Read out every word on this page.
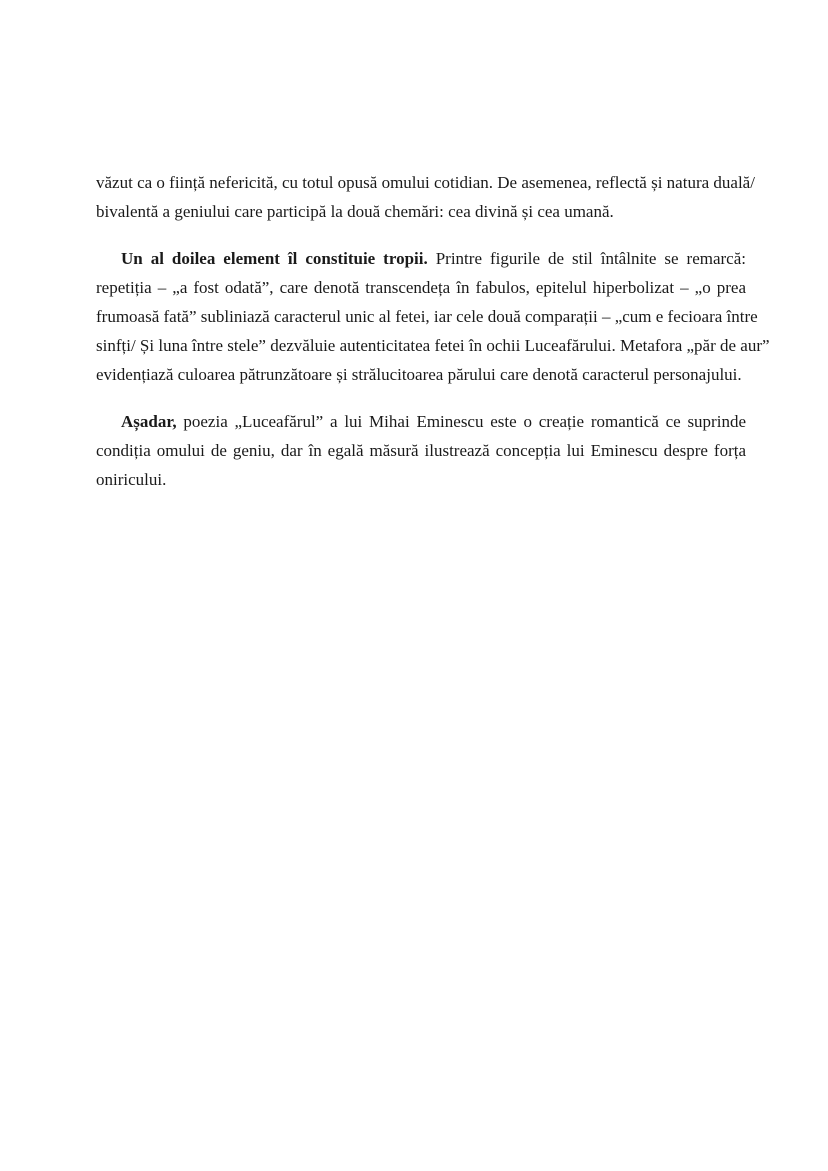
văzut ca o ființă nefericită, cu totul opusă omului cotidian. De asemenea, reflectă și natura duală/
bivalentă a geniului care participă la două chemări: cea divină și cea umană.
Un al doilea element îl constituie tropii. Printre figurile de stil întâlnite se remarcă:
repetiția – „a fost odată”, care denotă transcendeța în fabulos, epitelul hiperbolizat – „o prea
frumoasă fată” subliniază caracterul unic al fetei, iar cele două comparații – „cum e fecioara între
sinfți/ Și luna între stele” dezvăluie autenticitatea fetei în ochii Luceafărului. Metafora „păr de aur”
evidențiază culoarea pătrunzătoare și strălucitoarea părului care denotă caracterul personajului.
Așadar, poezia „Luceafărul” a lui Mihai Eminescu este o creație romantică ce suprinde
condiția omului de geniu, dar în egală măsură ilustrează concepția lui Eminescu despre forța
oniricului.
